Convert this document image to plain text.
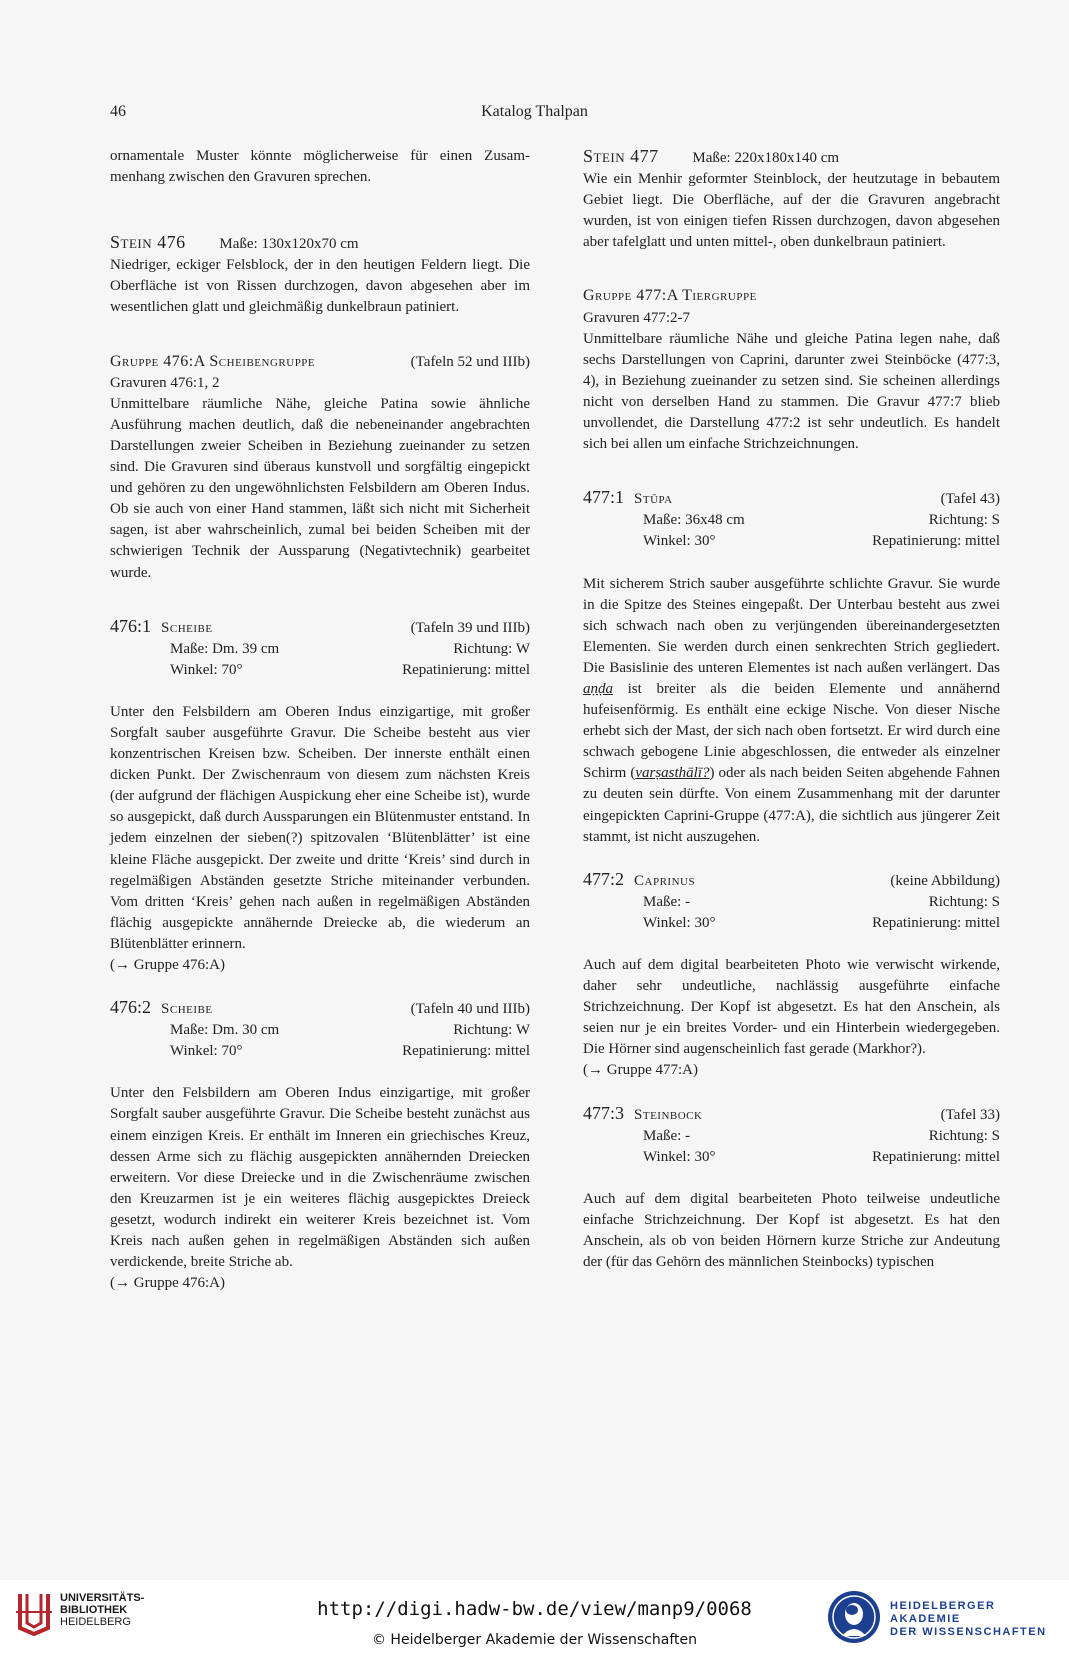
46	Katalog Thalpan

ornamentale Muster könnte möglicherweise für einen Zusammenhang zwischen den Gravuren sprechen.

Stein 476 Maße: 130x120x70 cm

Niedriger, eckiger Felsblock, der in den heutigen Feldern liegt. Die Oberfläche ist von Rissen durchzogen, davon abgesehen aber im wesentlichen glatt und gleichmäßig dunkelbraun patiniert.

Gruppe 476:A Scheibengruppe	(Tafeln 52 und IIIb)
Gravuren 476:1, 2

Unmittelbare räumliche Nähe, gleiche Patina sowie ähnliche Ausführung machen deutlich, daß die nebeneinander angebrachten Darstellungen zweier Scheiben in Beziehung zueinander zu setzen sind. Die Gravuren sind überaus kunstvoll und sorgfältig eingepickt und gehören zu den ungewöhnlichsten Felsbildern am Oberen Indus. Ob sie auch von einer Hand stammen, läßt sich nicht mit Sicherheit sagen, ist aber wahrscheinlich, zumal bei beiden Scheiben mit der schwierigen Technik der Aussparung (Negativtechnik) gearbeitet wurde.

476:1 Scheibe	(Tafeln 39 und IIIb)
Maße: Dm. 39 cm	Richtung: W
Winkel: 70°	Repatinierung: mittel

Unter den Felsbildern am Oberen Indus einzigartige, mit großer Sorgfalt sauber ausgeführte Gravur. Die Scheibe besteht aus vier konzentrischen Kreisen bzw. Scheiben. Der innerste enthält einen dicken Punkt. Der Zwischenraum von diesem zum nächsten Kreis (der aufgrund der flächigen Auspickung eher eine Scheibe ist), wurde so ausgepickt, daß durch Aussparungen ein Blütenmuster entstand. In jedem einzelnen der sieben(?) spitzovalen ‘Blütenblätter’ ist eine kleine Fläche ausgepickt. Der zweite und dritte ‘Kreis’ sind durch in regelmäßigen Abständen gesetzte Striche miteinander verbunden. Vom dritten ‘Kreis’ gehen nach außen in regelmäßigen Abständen flächig ausgepickte annähernde Dreiecke ab, die wiederum an Blütenblätter erinnern.

(→ Gruppe 476:A)
476:2 Scheibe	(Tafeln 40 und IIIb)
Maße: Dm. 30 cm	Richtung: W
Winkel: 70°	Repatinierung: mittel

Unter den Felsbildern am Oberen Indus einzigartige, mit großer Sorgfalt sauber ausgeführte Gravur. Die Scheibe besteht zunächst aus einem einzigen Kreis. Er enthält im Inneren ein griechisches Kreuz, dessen Arme sich zu flächig ausgepickten annähernden Dreiecken erweitern. Vor diese Dreiecke und in die Zwischenräume zwischen den Kreuzarmen ist je ein weiteres flächig ausgepicktes Dreieck gesetzt, wodurch indirekt ein weiterer Kreis bezeichnet ist. Vom Kreis nach außen gehen in regelmäßigen Abständen sich außen verdickende, breite Striche ab.

(→ Gruppe 476:A)
Stein 477 Maße: 220x180x140 cm

Wie ein Menhir geformter Steinblock, der heutzutage in bebautem Gebiet liegt. Die Oberfläche, auf der die Gravuren angebracht wurden, ist von einigen tiefen Rissen durchzogen, davon abgesehen aber tafelglatt und unten mittel-, oben dunkelbraun patiniert.

Gruppe 477:A Tiergruppe
Gravuren 477:2-7

Unmittelbare räumliche Nähe und gleiche Patina legen nahe, daß sechs Darstellungen von Caprini, darunter zwei Steinböcke (477:3, 4), in Beziehung zueinander zu setzen sind. Sie scheinen allerdings nicht von derselben Hand zu stammen. Die Gravur 477:7 blieb unvollendet, die Darstellung 477:2 ist sehr undeutlich. Es handelt sich bei allen um einfache Strichzeichnungen.

477:1 Stūpa	(Tafel 43)
Maße: 36x48 cm	Richtung: S
Winkel: 30°	Repatinierung: mittel

Mit sicherem Strich sauber ausgeführte schlichte Gravur. Sie wurde in die Spitze des Steines eingepaßt. Der Unterbau besteht aus zwei sich schwach nach oben zu verjüngenden übereinandergesetzten Elementen. Sie werden durch einen senkrechten Strich gegliedert. Die Basislinie des unteren Elementes ist nach außen verlängert. Das aṇḍa ist breiter als die beiden Elemente und annähernd hufeisenförmig. Es enthält eine eckige Nische. Von dieser Nische erhebt sich der Mast, der sich nach oben fortsetzt. Er wird durch eine schwach gebogene Linie abgeschlossen, die entweder als einzelner Schirm (varṣasthālī?) oder als nach beiden Seiten abgehende Fahnen zu deuten sein dürfte. Von einem Zusammenhang mit der darunter eingepickten Caprini-Gruppe (477:A), die sichtlich aus jüngerer Zeit stammt, ist nicht auszugehen.

477:2 Caprinus	(keine Abbildung)
Maße: -	Richtung: S
Winkel: 30°	Repatinierung: mittel

Auch auf dem digital bearbeiteten Photo wie verwischt wirkende, daher sehr undeutliche, nachlässig ausgeführte einfache Strichzeichnung. Der Kopf ist abgesetzt. Es hat den Anschein, als seien nur je ein breites Vorder- und ein Hinterbein wiedergegeben. Die Hörner sind augenscheinlich fast gerade (Markhor?).

(→ Gruppe 477:A)
477:3 Steinbock	(Tafel 33)
Maße: -	Richtung: S
Winkel: 30°	Repatinierung: mittel

Auch auf dem digital bearbeiteten Photo teilweise undeutliche einfache Strichzeichnung. Der Kopf ist abgesetzt. Es hat den Anschein, als ob von beiden Hörnern kurze Striche zur Andeutung der (für das Gehörn des männlichen Steinbocks) typischen

UNIVERSITÄTS-
BIBLIOTHEK
HEIDELBERG
http://digi.hadw-bw.de/view/manp9/0068
© Heidelberger Akademie der Wissenschaften
HEIDELBERGER AKADEMIE
DER WISSENSCHAFTEN
